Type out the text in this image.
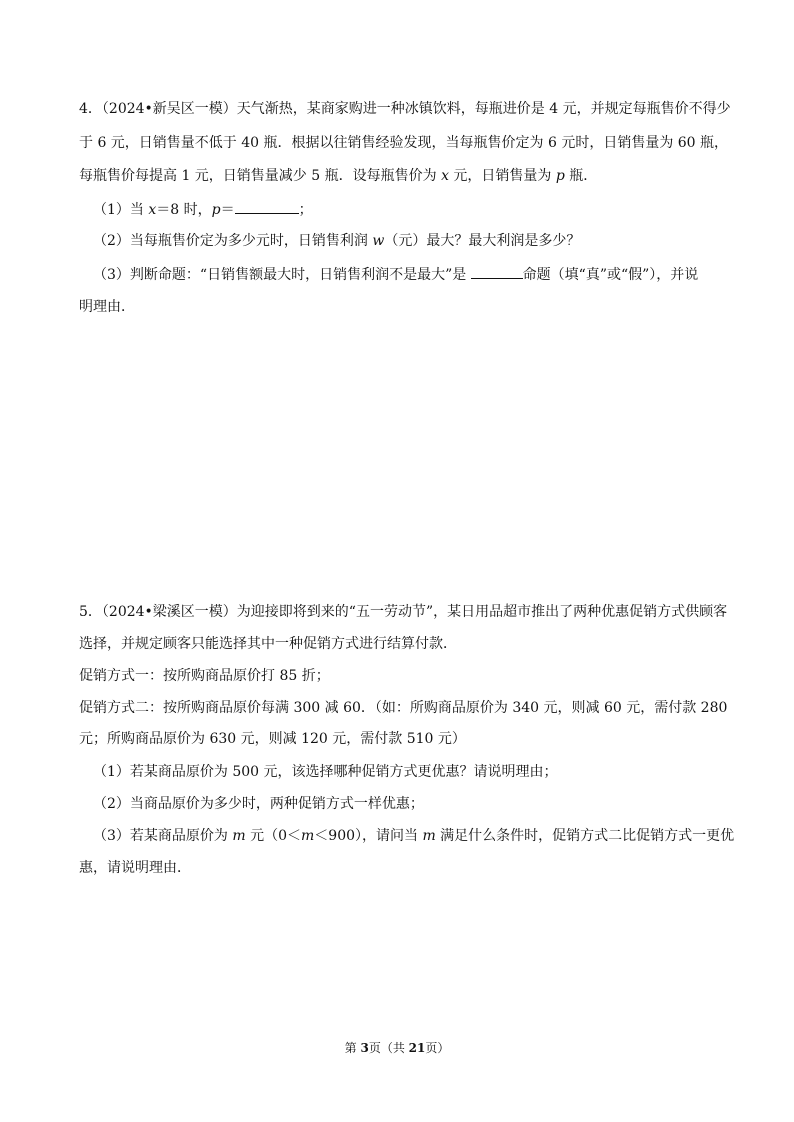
4．（2024•新吴区一模）天气渐热，某商家购进一种冰镇饮料，每瓶进价是 4 元，并规定每瓶售价不得少
于 6 元，日销售量不低于 40 瓶．根据以往销售经验发现，当每瓶售价定为 6 元时，日销售量为 60 瓶，
每瓶售价每提高 1 元，日销售量减少 5 瓶．设每瓶售价为 x 元，日销售量为 p 瓶．
（1）当 x＝8 时，p＝	；
（2）当每瓶售价定为多少元时，日销售利润 w（元）最大？最大利润是多少？
（3）判断命题：“日销售额最大时，日销售利润不是最大”是	命题（填“真”或“假”），并说
明理由．
5．（2024•梁溪区一模）为迎接即将到来的“五一劳动节”，某日用品超市推出了两种优惠促销方式供顾客
选择，并规定顾客只能选择其中一种促销方式进行结算付款．
促销方式一：按所购商品原价打 85 折；
促销方式二：按所购商品原价每满 300 减 60．（如：所购商品原价为 340 元，则减 60 元，需付款 280
元；所购商品原价为 630 元，则减 120 元，需付款 510 元）
（1）若某商品原价为 500 元，该选择哪种促销方式更优惠？请说明理由；
（2）当商品原价为多少时，两种促销方式一样优惠；
（3）若某商品原价为 m 元（0＜m＜900），请问当 m 满足什么条件时，促销方式二比促销方式一更优
惠，请说明理由．
第 3页（共 21页）
